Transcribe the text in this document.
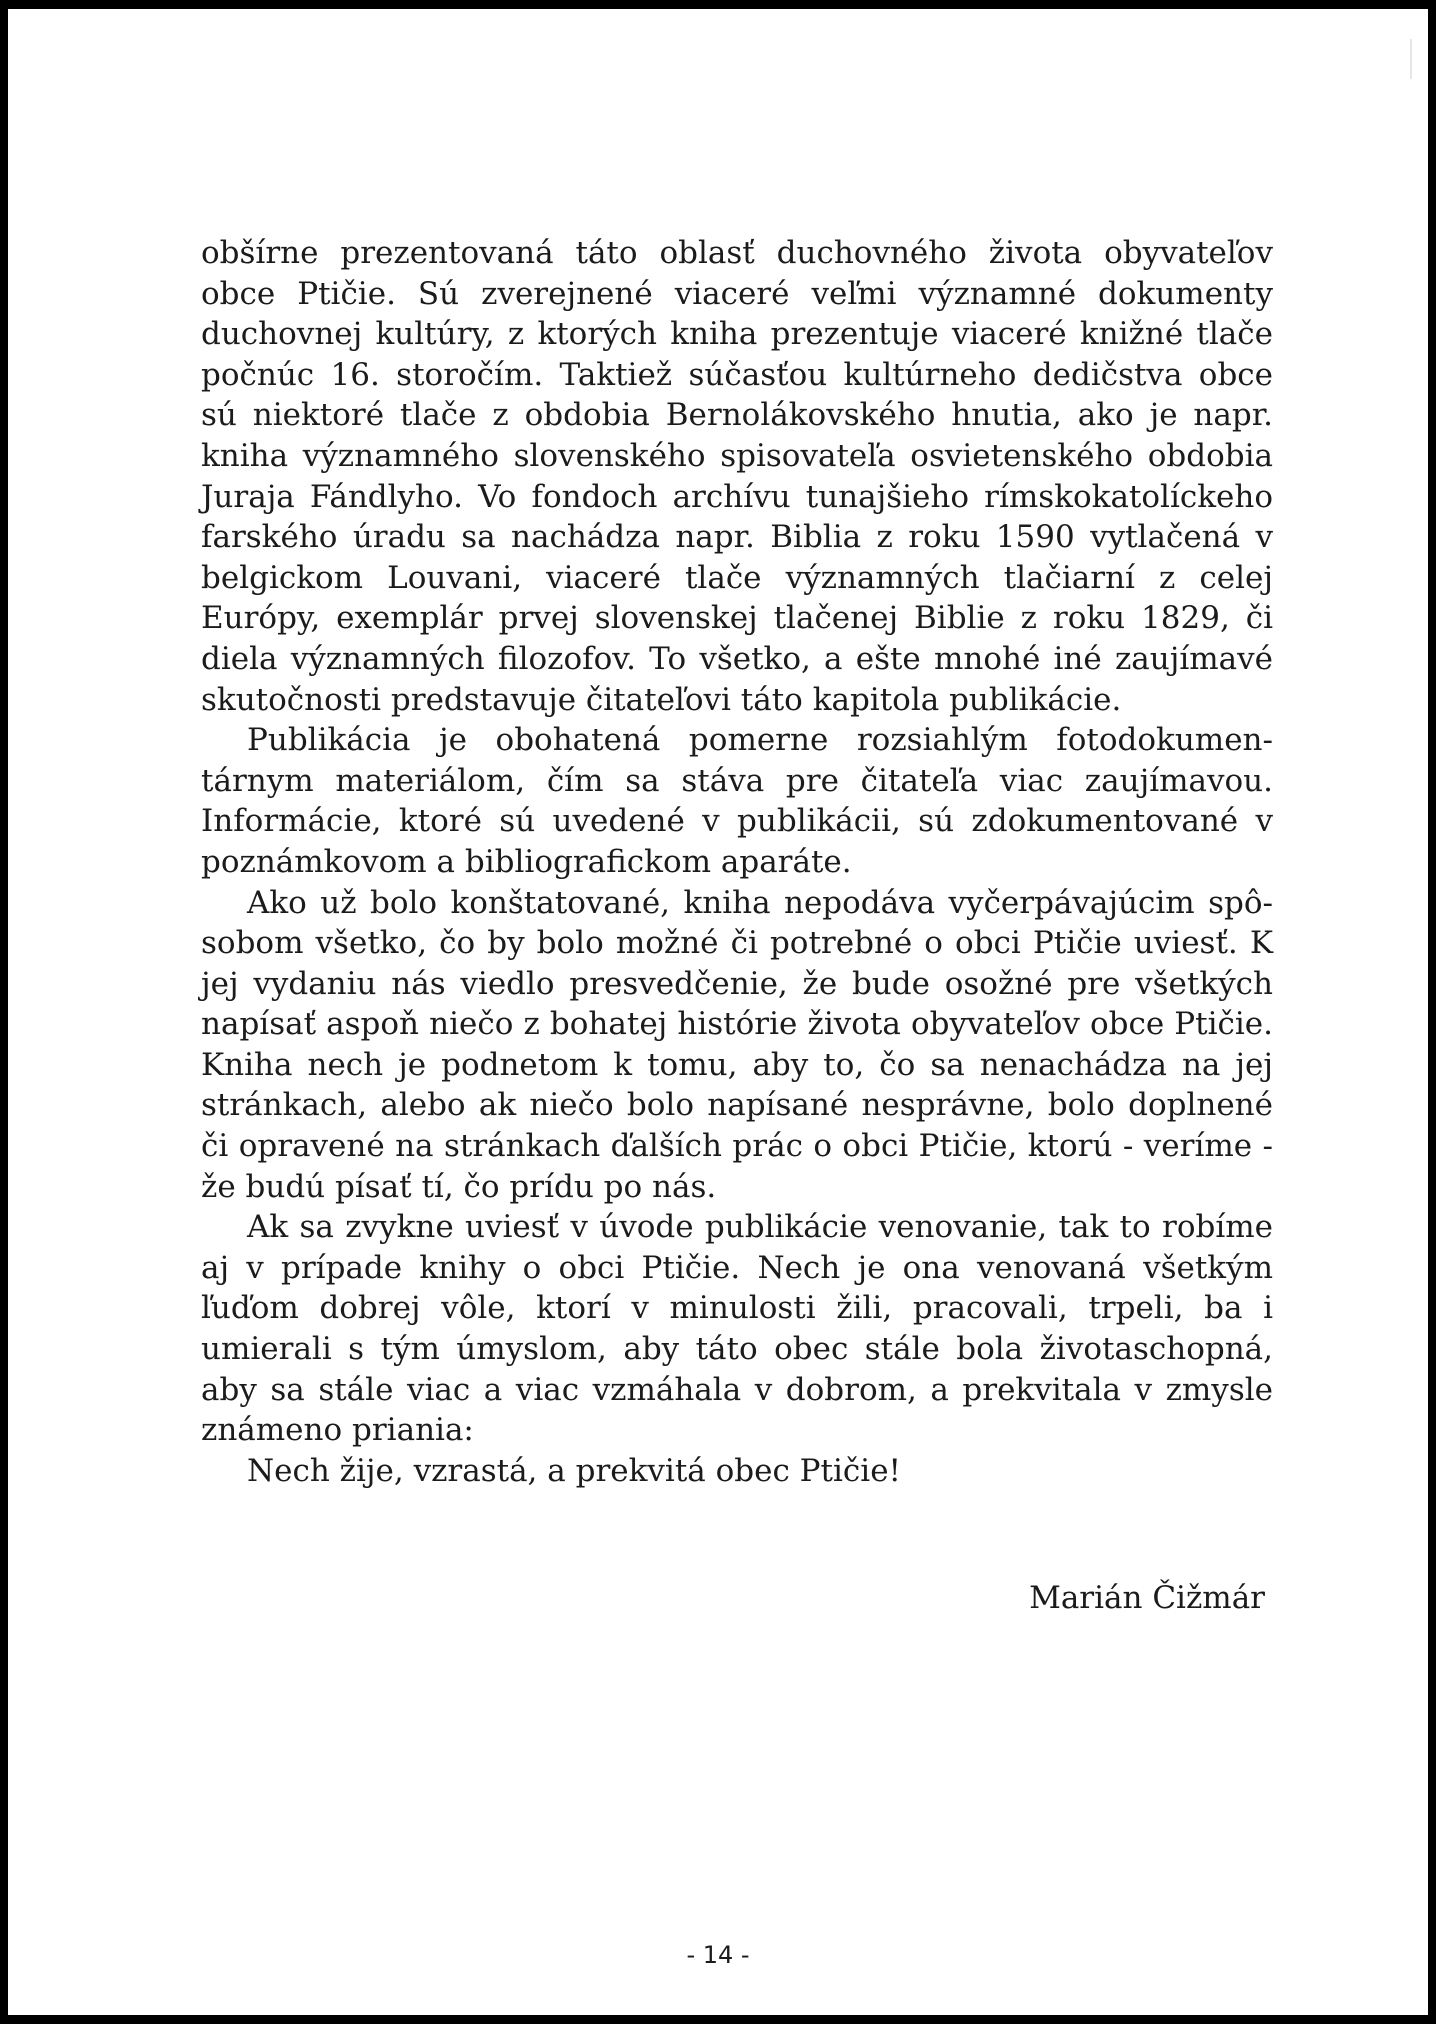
obšírne prezentovaná táto oblasť duchovného života obyvateľov obce Ptičie. Sú zverejnené viaceré veľmi významné dokumenty duchovnej kultúry, z ktorých kniha prezentuje viaceré knižné tlače počnúc 16. storočím. Taktiež súčasťou kultúrneho dedičstva obce sú niektoré tlače z obdobia Bernolákovského hnutia, ako je napr. kniha významného slovenského spisovateľa osvietenského obdobia Juraja Fándlyho. Vo fondoch archívu tunajšieho rímskokatolíckeho farského úradu sa nachádza napr. Biblia z roku 1590 vytlačená v belgickom Louvani, viaceré tlače významných tlačiarní z celej Európy, exemplár prvej slovenskej tlačenej Biblie z roku 1829, či diela významných filozofov. To všetko, a ešte mnohé iné zaujímavé skutočnosti predstavuje čitateľovi táto kapitola publikácie.

Publikácia je obohatená pomerne rozsiahlým fotodokumentárnym materiálom, čím sa stáva pre čitateľa viac zaujímavou. Informácie, ktoré sú uvedené v publikácii, sú zdokumentované v poznámkovom a bibliografickom aparáte.

Ako už bolo konštatované, kniha nepodáva vyčerpávajúcim spôsobom všetko, čo by bolo možné či potrebné o obci Ptičie uviesť. K jej vydaniu nás viedlo presvedčenie, že bude osožné pre všetkých napísať aspoň niečo z bohatej histórie života obyvateľov obce Ptičie. Kniha nech je podnetom k tomu, aby to, čo sa nenachádza na jej stránkach, alebo ak niečo bolo napísané nesprávne, bolo doplnené či opravené na stránkach ďalších prác o obci Ptičie, ktorú - veríme - že budú písať tí, čo prídu po nás.

Ak sa zvykne uviesť v úvode publikácie venovanie, tak to robíme aj v prípade knihy o obci Ptičie. Nech je ona venovaná všetkým ľuďom dobrej vôle, ktorí v minulosti žili, pracovali, trpeli, ba i umierali s tým úmyslom, aby táto obec stále bola životaschopná, aby sa stále viac a viac vzmáhala v dobrom, a prekvitala v zmysle známeno priania:

Nech žije, vzrastá, a prekvitá obec Ptičie!

Marián Čižmár
- 14 -
